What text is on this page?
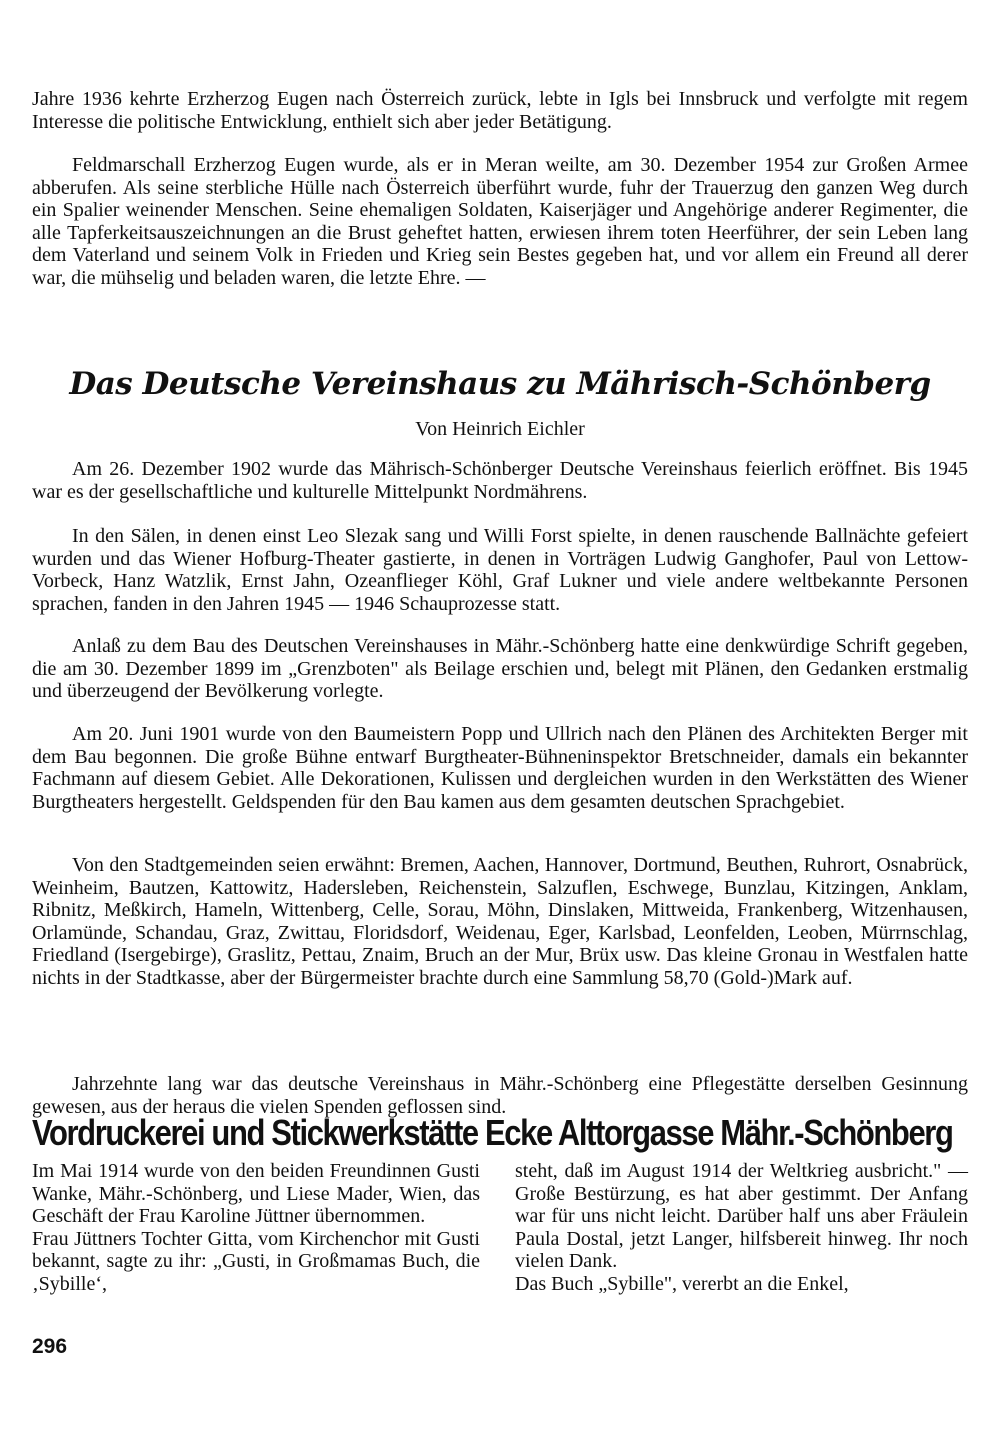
Jahre 1936 kehrte Erzherzog Eugen nach Österreich zurück, lebte in Igls bei Innsbruck und verfolgte mit regem Interesse die politische Entwicklung, enthielt sich aber jeder Betätigung.

Feldmarschall Erzherzog Eugen wurde, als er in Meran weilte, am 30. Dezember 1954 zur Großen Armee abberufen. Als seine sterbliche Hülle nach Österreich überführt wurde, fuhr der Trauerzug den ganzen Weg durch ein Spalier weinender Menschen. Seine ehemaligen Soldaten, Kaiserjäger und Angehörige anderer Regimenter, die alle Tapferkeitsauszeichnungen an die Brust geheftet hatten, erwiesen ihrem toten Heerführer, der sein Leben lang dem Vaterland und seinem Volk in Frieden und Krieg sein Bestes gegeben hat, und vor allem ein Freund all derer war, die mühselig und beladen waren, die letzte Ehre. —

Das Deutsche Vereinshaus zu Mährisch-Schönberg

Von Heinrich Eichler

Am 26. Dezember 1902 wurde das Mährisch-Schönberger Deutsche Vereinshaus feierlich eröffnet. Bis 1945 war es der gesellschaftliche und kulturelle Mittelpunkt Nordmährens.

In den Sälen, in denen einst Leo Slezak sang und Willi Forst spielte, in denen rauschende Ballnächte gefeiert wurden und das Wiener Hofburg-Theater gastierte, in denen in Vorträgen Ludwig Ganghofer, Paul von Lettow-Vorbeck, Hanz Watzlik, Ernst Jahn, Ozeanflieger Köhl, Graf Lukner und viele andere weltbekannte Personen sprachen, fanden in den Jahren 1945 — 1946 Schauprozesse statt.

Anlaß zu dem Bau des Deutschen Vereinshauses in Mähr.-Schönberg hatte eine denkwürdige Schrift gegeben, die am 30. Dezember 1899 im „Grenzboten" als Beilage erschien und, belegt mit Plänen, den Gedanken erstmalig und überzeugend der Bevölkerung vorlegte.

Am 20. Juni 1901 wurde von den Baumeistern Popp und Ullrich nach den Plänen des Architekten Berger mit dem Bau begonnen. Die große Bühne entwarf Burgtheater-Bühneninspektor Bretschneider, damals ein bekannter Fachmann auf diesem Gebiet. Alle Dekorationen, Kulissen und dergleichen wurden in den Werkstätten des Wiener Burgtheaters hergestellt. Geldspenden für den Bau kamen aus dem gesamten deutschen Sprachgebiet.

Von den Stadtgemeinden seien erwähnt: Bremen, Aachen, Hannover, Dortmund, Beuthen, Ruhrort, Osnabrück, Weinheim, Bautzen, Kattowitz, Hadersleben, Reichenstein, Salzuflen, Eschwege, Bunzlau, Kitzingen, Anklam, Ribnitz, Meßkirch, Hameln, Wittenberg, Celle, Sorau, Möhn, Dinslaken, Mittweida, Frankenberg, Witzenhausen, Orlamünde, Schandau, Graz, Zwittau, Floridsdorf, Weidenau, Eger, Karlsbad, Leonfelden, Leoben, Mürrnschlag, Friedland (Isergebirge), Graslitz, Pettau, Znaim, Bruch an der Mur, Brüx usw. Das kleine Gronau in Westfalen hatte nichts in der Stadtkasse, aber der Bürgermeister brachte durch eine Sammlung 58,70 (Gold-)Mark auf.

Jahrzehnte lang war das deutsche Vereinshaus in Mähr.-Schönberg eine Pflegestätte derselben Gesinnung gewesen, aus der heraus die vielen Spenden geflossen sind.

Vordruckerei und Stickwerkstätte Ecke Alttorgasse Mähr.-Schönberg

Im Mai 1914 wurde von den beiden Freundinnen Gusti Wanke, Mähr.-Schönberg, und Liese Mader, Wien, das Geschäft der Frau Karoline Jüttner übernommen.

Frau Jüttners Tochter Gitta, vom Kirchenchor mit Gusti bekannt, sagte zu ihr: „Gusti, in Großmamas Buch, die ‚Sybille‘,

steht, daß im August 1914 der Weltkrieg ausbricht." — Große Bestürzung, es hat aber gestimmt. Der Anfang war für uns nicht leicht. Darüber half uns aber Fräulein Paula Dostal, jetzt Langer, hilfsbereit hinweg. Ihr noch vielen Dank.

Das Buch „Sybille", vererbt an die Enkel,

296
